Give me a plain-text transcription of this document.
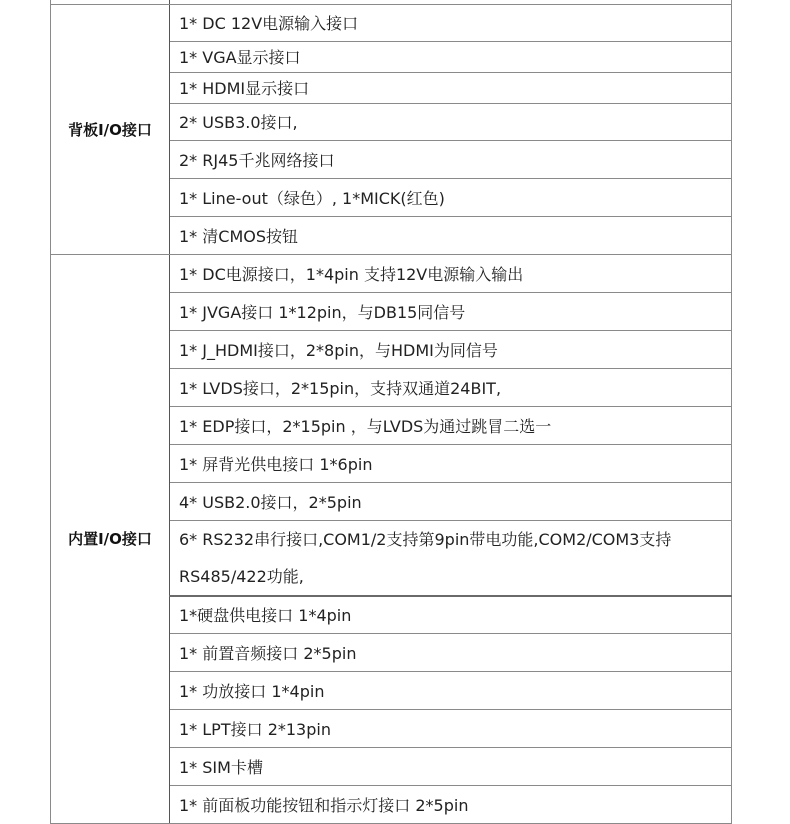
背板I/O接口	1* DC 12V电源输入接口
	1* VGA显示接口
	1* HDMI显示接口
	2* USB3.0接口,
	2* RJ45千兆网络接口
	1* Line-out（绿色）, 1*MICK(红色)
	1* 清CMOS按钮
内置I/O接口	1* DC电源接口，1*4pin 支持12V电源输入输出
	1* JVGA接口 1*12pin，与DB15同信号
	1* J_HDMI接口，2*8pin，与HDMI为同信号
	1* LVDS接口，2*15pin，支持双通道24BIT,
	1* EDP接口，2*15pin ，与LVDS为通过跳冒二选一
	1* 屏背光供电接口 1*6pin
	4* USB2.0接口，2*5pin
	6* RS232串行接口,COM1/2支持第9pin带电功能,COM2/COM3支持RS485/422功能,
	1*硬盘供电接口 1*4pin
	1* 前置音频接口 2*5pin
	1* 功放接口 1*4pin
	1* LPT接口 2*13pin
	1* SIM卡槽
	1* 前面板功能按钮和指示灯接口 2*5pin
